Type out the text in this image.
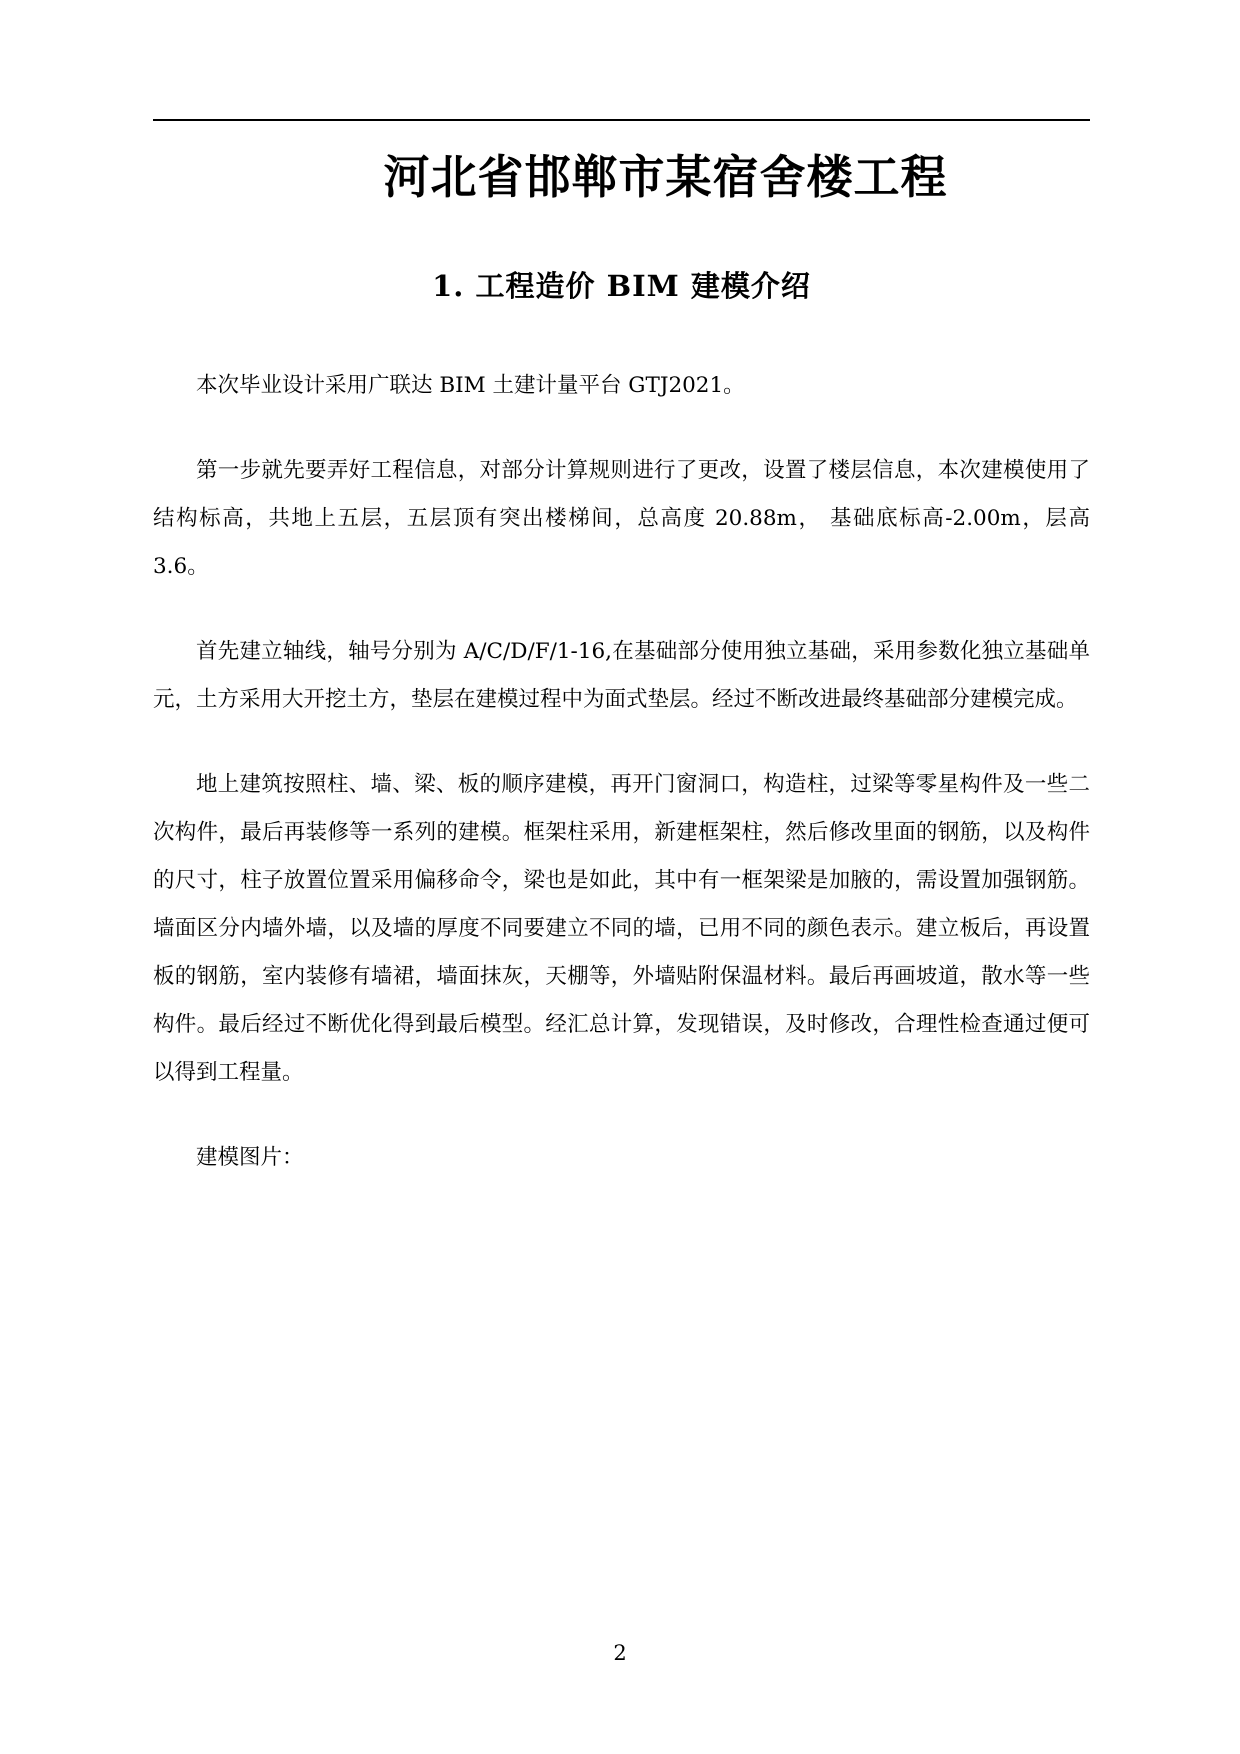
河北省邯郸市某宿舍楼工程
1. 工程造价 BIM 建模介绍

本次毕业设计采用广联达 BIM 土建计量平台 GTJ2021。

第一步就先要弄好工程信息，对部分计算规则进行了更改，设置了楼层信息，本次建模使用了结构标高，共地上五层，五层顶有突出楼梯间，总高度 20.88m， 基础底标高-2.00m，层高 3.6。

首先建立轴线，轴号分别为 A/C/D/F/1-16,在基础部分使用独立基础，采用参数化独立基础单元，土方采用大开挖土方，垫层在建模过程中为面式垫层。经过不断改进最终基础部分建模完成。

地上建筑按照柱、墙、梁、板的顺序建模，再开门窗洞口，构造柱，过梁等零星构件及一些二次构件，最后再装修等一系列的建模。框架柱采用，新建框架柱，然后修改里面的钢筋，以及构件的尺寸，柱子放置位置采用偏移命令，梁也是如此，其中有一框架梁是加腋的，需设置加强钢筋。墙面区分内墙外墙，以及墙的厚度不同要建立不同的墙，已用不同的颜色表示。建立板后，再设置板的钢筋，室内装修有墙裙，墙面抹灰，天棚等，外墙贴附保温材料。最后再画坡道，散水等一些构件。最后经过不断优化得到最后模型。经汇总计算，发现错误，及时修改，合理性检查通过便可以得到工程量。

建模图片：

2
